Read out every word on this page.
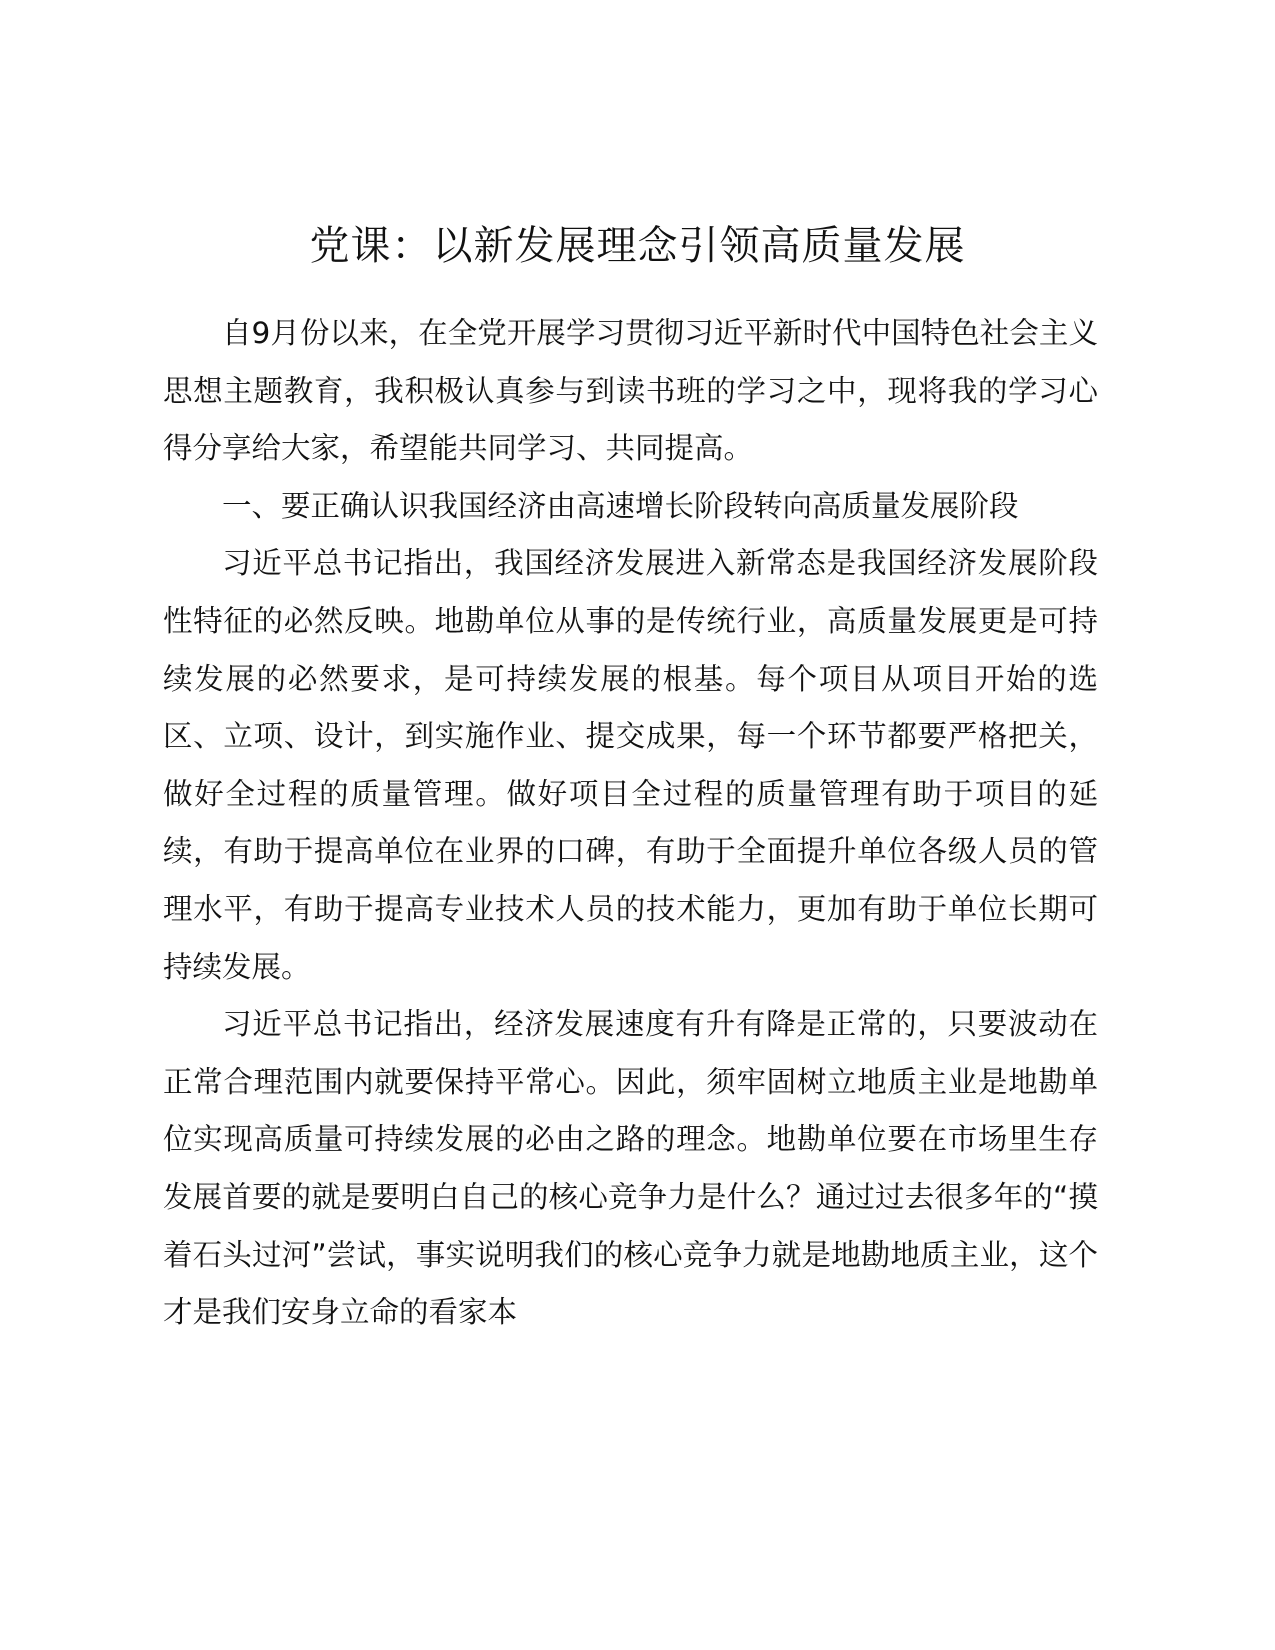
党课：以新发展理念引领高质量发展

自9月份以来，在全党开展学习贯彻习近平新时代中国特色社会主义思想主题教育，我积极认真参与到读书班的学习之中，现将我的学习心得分享给大家，希望能共同学习、共同提高。

一、要正确认识我国经济由高速增长阶段转向高质量发展阶段

习近平总书记指出，我国经济发展进入新常态是我国经济发展阶段性特征的必然反映。地勘单位从事的是传统行业，高质量发展更是可持续发展的必然要求，是可持续发展的根基。每个项目从项目开始的选区、立项、设计，到实施作业、提交成果，每一个环节都要严格把关，做好全过程的质量管理。做好项目全过程的质量管理有助于项目的延续，有助于提高单位在业界的口碑，有助于全面提升单位各级人员的管理水平，有助于提高专业技术人员的技术能力，更加有助于单位长期可持续发展。

习近平总书记指出，经济发展速度有升有降是正常的，只要波动在正常合理范围内就要保持平常心。因此，须牢固树立地质主业是地勘单位实现高质量可持续发展的必由之路的理念。地勘单位要在市场里生存发展首要的就是要明白自己的核心竞争力是什么？通过过去很多年的“摸着石头过河”尝试，事实说明我们的核心竞争力就是地勘地质主业，这个才是我们安身立命的看家本
